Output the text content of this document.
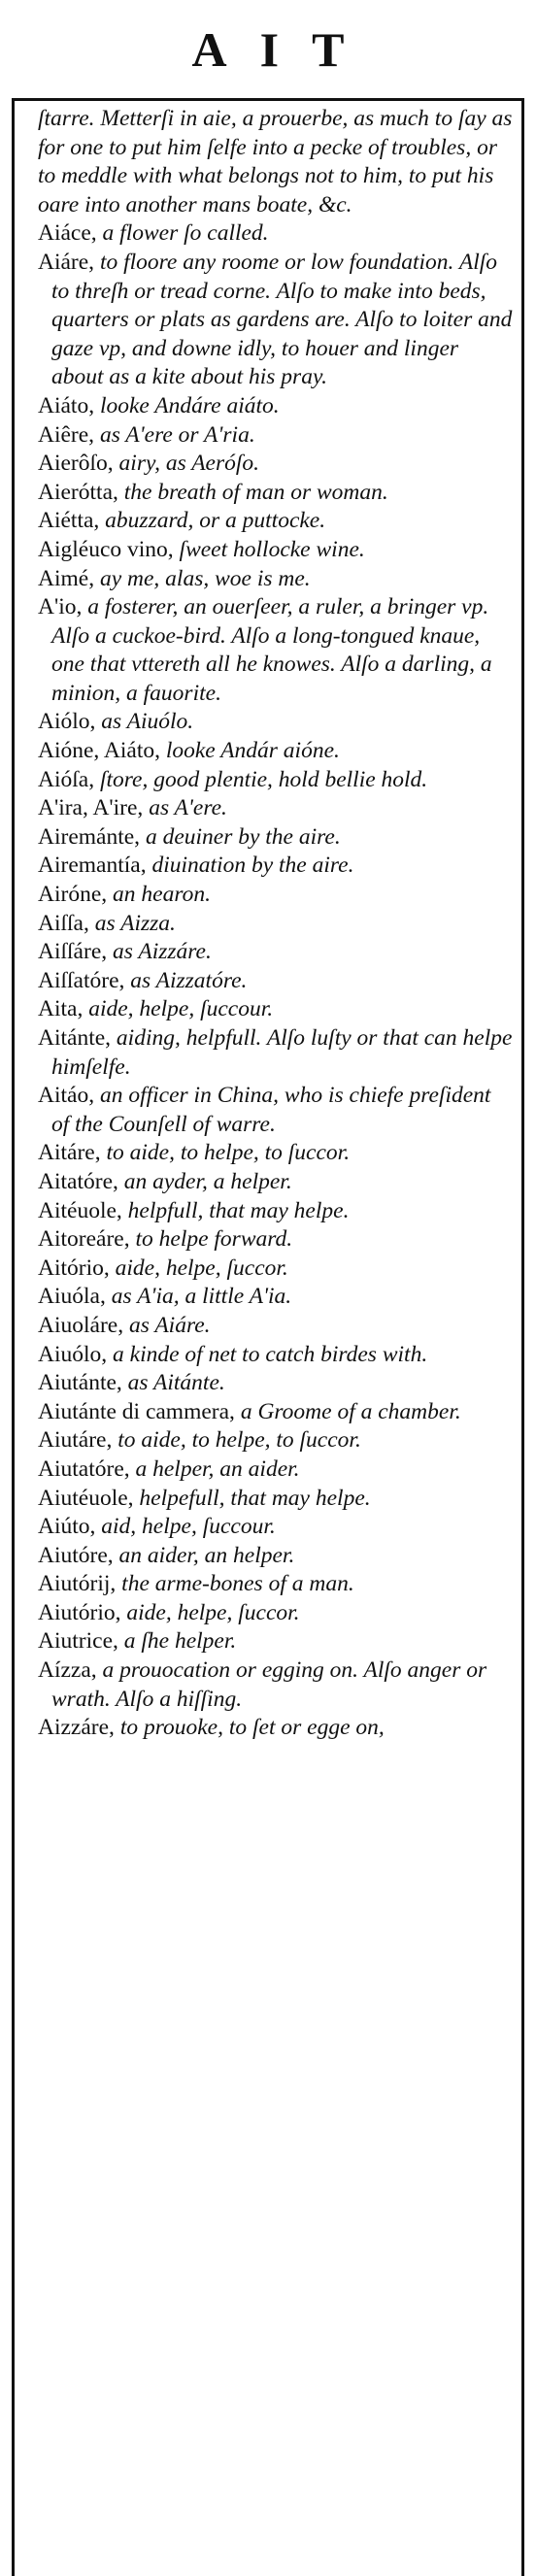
AIT
ſtarre. Metterſi in aie, a prouerbe, as much to ſay as for one to put him ſelfe into a pecke of troubles, or to meddle with what belongs not to him, to put his oare into another mans boate, &c.
Aiáce, a flower ſo called.
Aiáre, to floore any roome or low foundation. Alſo to threſh or tread corne. Alſo to make into beds, quarters or plats as gardens are. Alſo to loiter and gaze vp, and downe idly, to houer and linger about as a kite about his pray.
Aiáto, looke Andáre aiáto.
Aiêre, as A'ere or A'ria.
Aierôſo, airy, as Aeróſo.
Aierótta, the breath of man or woman.
Aiétta, abuzzard, or a puttocke.
Aigléuco vino, ſweet hollocke wine.
Aimé, ay me, alas, woe is me.
A'io, a fosterer, an ouerſeer, a ruler, a bringer vp. Alſo a cuckoe-bird. Alſo a long-tongued knaue, one that vttereth all he knowes. Alſo a darling, a minion, a fauorite.
Aiólo, as Aiuólo.
Aióne, Aiáto, looke Andár aióne.
Aióſa, ſtore, good plentie, hold bellie hold.
A'ira, A'ire, as A'ere.
Airemánte, a deuiner by the aire.
Airemantía, diuination by the aire.
Airóne, an hearon.
Aiſſa, as Aizza.
Aiſſáre, as Aizzáre.
Aiſſatóre, as Aizzatóre.
Aita, aide, helpe, ſuccour.
Aitánte, aiding, helpfull. Alſo luſty or that can helpe himſelfe.
Aitáo, an officer in China, who is chiefe preſident of the Counſell of warre.
Aitáre, to aide, to helpe, to ſuccor.
Aitatóre, an ayder, a helper.
Aitéuole, helpfull, that may helpe.
Aitoreáre, to helpe forward.
Aitório, aide, helpe, ſuccor.
Aiuóla, as A'ia, a little A'ia.
Aiuoláre, as Aiáre.
Aiuólo, a kinde of net to catch birdes with.
Aiutánte, as Aitánte.
Aiutánte di cammera, a Groome of a chamber.
Aiutáre, to aide, to helpe, to ſuccor.
Aiutatóre, a helper, an aider.
Aiutéuole, helpefull, that may helpe.
Aiúto, aid, helpe, ſuccour.
Aiutóre, an aider, an helper.
Aiutórij, the arme-bones of a man.
Aiutório, aide, helpe, ſuccor.
Aiutrice, a ſhe helper.
Aízza, a prouocation or egging on. Alſo anger or wrath. Alſo a hiſſing.
Aizzáre, to prouoke, to ſet or egge on,
